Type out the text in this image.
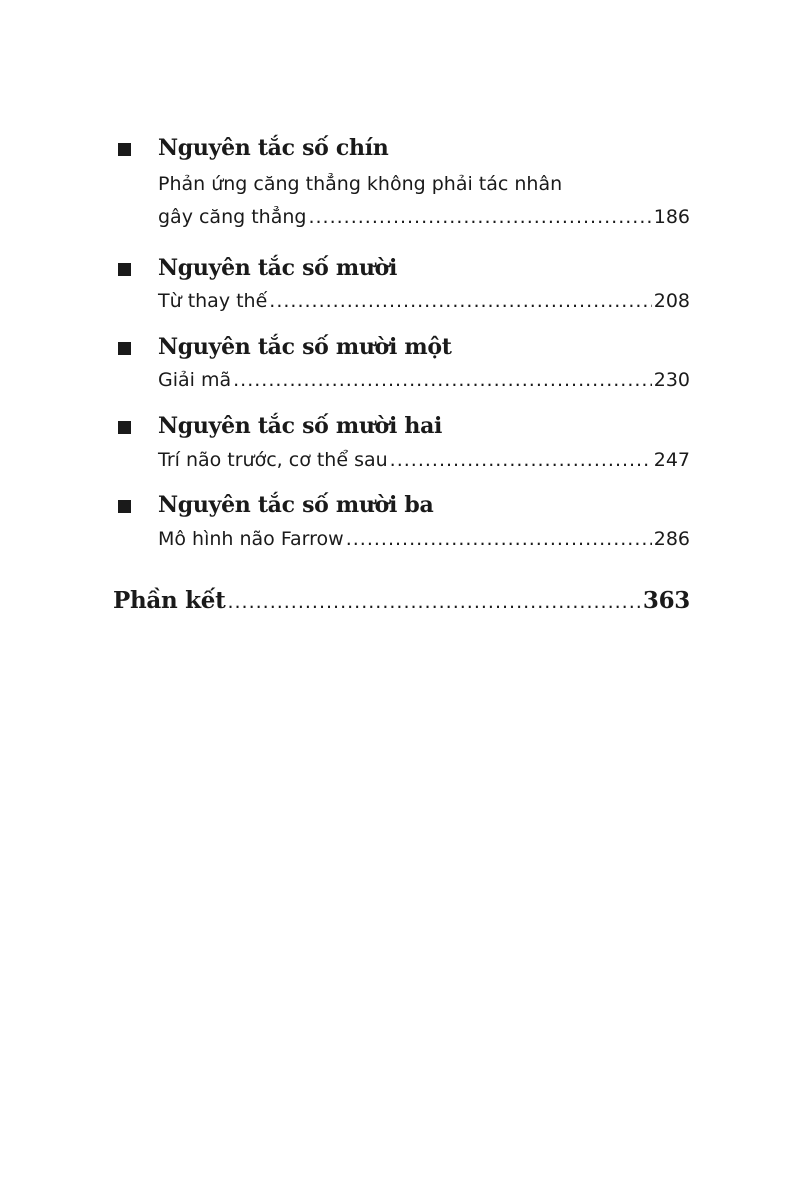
Nguyên tắc số chín
Phản ứng căng thẳng không phải tác nhân
gây căng thẳng .....	186
Nguyên tắc số mười
Từ thay thế .....	208
Nguyên tắc số mười một
Giải mã .....	230
Nguyên tắc số mười hai
Trí não trước, cơ thể sau .....	247
Nguyên tắc số mười ba
Mô hình não Farrow .....	286
Phần kết .....	363
